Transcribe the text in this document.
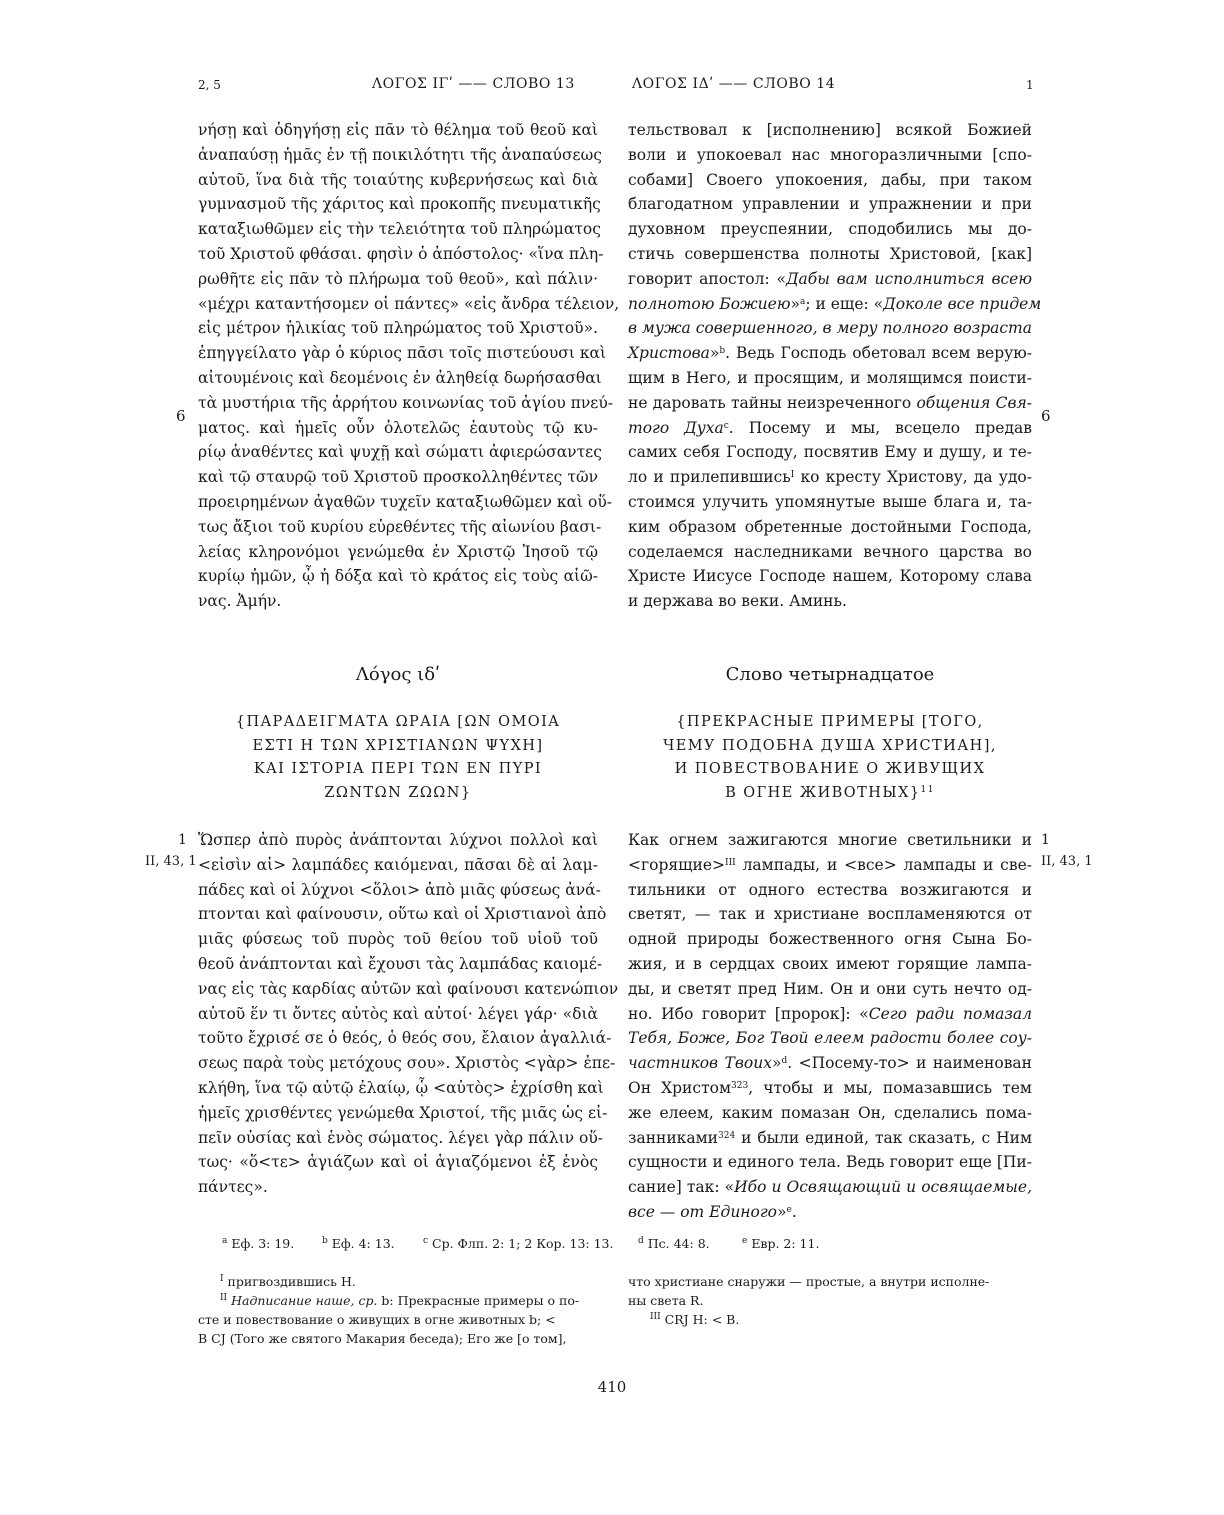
2, 5	ΛΟΓΟΣ ΙΓʹ —— СЛОВО 13	ΛΟΓΟΣ ΙΔʹ —— СЛОВО 14	1
νήσῃ καὶ ὁδηγήσῃ εἰς πᾶν τὸ θέλημα τοῦ θεοῦ καὶ
ἀναπαύσῃ ἡμᾶς ἐν τῇ ποικιλότητι τῆς ἀναπαύσεως
αὐτοῦ, ἵνα διὰ τῆς τοιαύτης κυβερνήσεως καὶ διὰ
γυμνασμοῦ τῆς χάριτος καὶ προκοπῆς πνευματικῆς
καταξιωθῶμεν εἰς τὴν τελειότητα τοῦ πληρώματος
τοῦ Χριστοῦ φθάσαι. φησὶν ὁ ἀπόστολος· «ἵνα πλη-
ρωθῆτε εἰς πᾶν τὸ πλήρωμα τοῦ θεοῦ», καὶ πάλιν·
«μέχρι καταντήσομεν οἱ πάντες» «εἰς ἄνδρα τέλειον,
εἰς μέτρον ἡλικίας τοῦ πληρώματος τοῦ Χριστοῦ».
ἐπηγγείλατο γὰρ ὁ κύριος πᾶσι τοῖς πιστεύουσι καὶ
αἰτουμένοις καὶ δεομένοις ἐν ἀληθείᾳ δωρήσασθαι
τὰ μυστήρια τῆς ἀρρήτου κοινωνίας τοῦ ἁγίου πνεύ-
ματος. καὶ ἡμεῖς οὖν ὁλοτελῶς ἑαυτοὺς τῷ κυ-
ρίῳ ἀναθέντες καὶ ψυχῇ καὶ σώματι ἀφιερώσαντες
καὶ τῷ σταυρῷ τοῦ Χριστοῦ προσκολληθέντες τῶν
προειρημένων ἀγαθῶν τυχεῖν καταξιωθῶμεν καὶ οὕ-
τως ἄξιοι τοῦ κυρίου εὑρεθέντες τῆς αἰωνίου βασι-
λείας κληρονόμοι γενώμεθα ἐν Χριστῷ Ἰησοῦ τῷ
κυρίῳ ἡμῶν, ᾧ ἡ δόξα καὶ τὸ κράτος εἰς τοὺς αἰῶ-
νας. Ἀμήν.
тельствовал к [исполнению] всякой Божией
воли и упокоевал нас многоразличными [спо-
собами] Своего упокоения, дабы, при таком
благодатном управлении и упражнении и при
духовном преуспеянии, сподобились мы до-
стичь совершенства полноты Христовой, [как]
говорит апостол: «Дабы вам исполниться всею
полнотою Божиею»$^a$; и еще: «Доколе все придем
в мужа совершенного, в меру полного возраста
Христова»$^b$. Ведь Господь обетовал всем верую-
щим в Него, и просящим, и молящимся поисти-
не даровать тайны неизреченного общения Свя-
того Духа$^c$. Посему и мы, всецело предав
самих себя Господу, посвятив Ему и душу, и те-
ло и прилепившись$^I$ ко кресту Христову, да удо-
стоимся улучить упомянутые выше блага и, та-
ким образом обретенные достойными Господа,
соделаемся наследниками вечного царства во
Христе Иисусе Господе нашем, Которому слава
и держава во веки. Аминь.
6	6
Λόγος ιδʹ	Слово четырнадцатое
{ΠΑΡΑΔΕΙΓΜΑΤΑ ΩΡΑΙΑ [ΩΝ ΟΜΟΙΑ
ΕΣΤΙ Η ΤΩΝ ΧΡΙΣΤΙΑΝΩΝ ΨΥΧΗ]
ΚΑΙ ΙΣΤΟΡΙΑ ΠΕΡΙ ΤΩΝ ΕΝ ΠΥΡΙ
ΖΩΝΤΩΝ ΖΩΩΝ}
{ПРЕКРАСНЫЕ ПРИМЕРЫ [ТОГО,
ЧЕМУ ПОДОБНА ДУША ХРИСТИАН],
И ПОВЕСТВОВАНИЕ О ЖИВУЩИХ
В ОГНЕ ЖИВОТНЫХ}$^{11}$
1
II, 43, 1
1
II, 43, 1
Ὥσπερ ἀπὸ πυρὸς ἀνάπτονται λύχνοι πολλοὶ καὶ
<εἰσὶν αἱ> λαμπάδες καιόμεναι, πᾶσαι δὲ αἱ λαμ-
πάδες καὶ οἱ λύχνοι <ὅλοι> ἀπὸ μιᾶς φύσεως ἀνά-
πτονται καὶ φαίνουσιν, οὕτω καὶ οἱ Χριστιανοὶ ἀπὸ
μιᾶς φύσεως τοῦ πυρὸς τοῦ θείου τοῦ υἱοῦ τοῦ
θεοῦ ἀνάπτονται καὶ ἔχουσι τὰς λαμπάδας καιομέ-
νας εἰς τὰς καρδίας αὐτῶν καὶ φαίνουσι κατενώπιον
αὐτοῦ ἕν τι ὄντες αὐτὸς καὶ αὐτοί· λέγει γάρ· «διὰ
τοῦτο ἔχρισέ σε ὁ θεός, ὁ θεός σου, ἔλαιον ἀγαλλιά-
σεως παρὰ τοὺς μετόχους σου». Χριστὸς <γὰρ> ἐπε-
κλήθη, ἵνα τῷ αὐτῷ ἐλαίῳ, ᾧ <αὐτὸς> ἐχρίσθη καὶ
ἡμεῖς χρισθέντες γενώμεθα Χριστοί, τῆς μιᾶς ὡς εἰ-
πεῖν οὐσίας καὶ ἑνὸς σώματος. λέγει γὰρ πάλιν οὕ-
τως· «ὅ<τε> ἁγιάζων καὶ οἱ ἁγιαζόμενοι ἐξ ἑνὸς
πάντες».
Как огнем зажигаются многие светильники и
<горящие>$^{III}$ лампады, и <все> лампады и све-
тильники от одного естества возжигаются и
светят, — так и христиане воспламеняются от
одной природы божественного огня Сына Бо-
жия, и в сердцах своих имеют горящие лампа-
ды, и светят пред Ним. Он и они суть нечто од-
но. Ибо говорит [пророк]: «Сего ради помазал
Тебя, Боже, Бог Твой елеем радости более соу-
частников Твоих»$^d$. <Посему-то> и наименован
Он Христом$^{323}$, чтобы и мы, помазавшись тем
же елеем, каким помазан Он, сделались пома-
занниками$^{324}$ и были единой, так сказать, с Ним
сущности и единого тела. Ведь говорит еще [Пи-
сание] так: «Ибо и Освящающий и освящаемые,
все — от Единого»$^e$.
$^a$ Еф. 3: 19.	$^b$ Еф. 4: 13.	$^c$ Ср. Флп. 2: 1; 2 Кор. 13: 13.	$^d$ Пс. 44: 8.	$^e$ Евр. 2: 11.
$^I$ пригвоздившись H.
$^{II}$ Надписание наше, ср. b: Прекрасные примеры о по-
сте и повествование о живущих в огне животных b; <
B CJ (Того же святого Макария беседа); Его же [о том],
что христиане снаружи — простые, а внутри исполне-
ны света R.
$^{III}$ CRJ H: < B.
410
